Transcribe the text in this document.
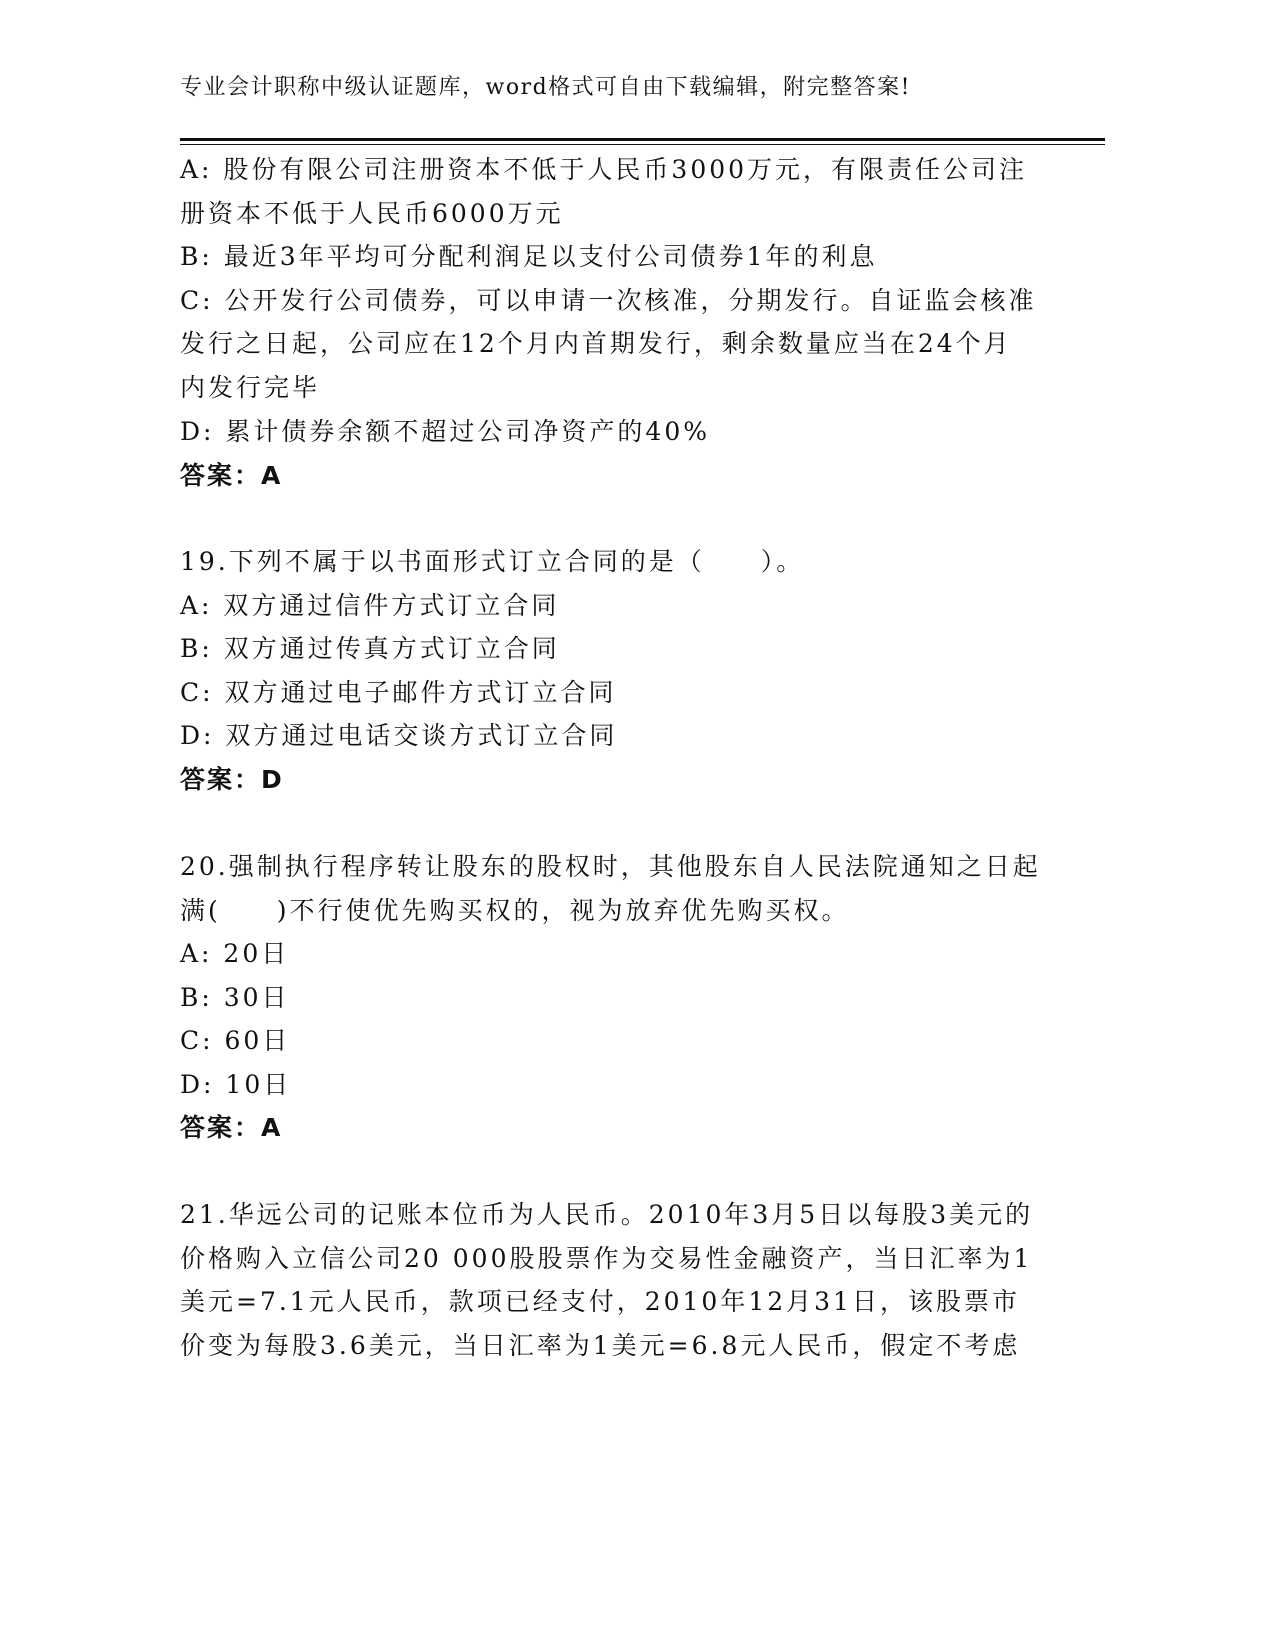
专业会计职称中级认证题库，word格式可自由下载编辑，附完整答案!
A: 股份有限公司注册资本不低于人民币3000万元，有限责任公司注
册资本不低于人民币6000万元
B: 最近3年平均可分配利润足以支付公司债券1年的利息
C: 公开发行公司债券，可以申请一次核准，分期发行。自证监会核准
发行之日起，公司应在12个月内首期发行，剩余数量应当在24个月
内发行完毕
D: 累计债券余额不超过公司净资产的40%
答案：A
19.下列不属于以书面形式订立合同的是（　　）。
A: 双方通过信件方式订立合同
B: 双方通过传真方式订立合同
C: 双方通过电子邮件方式订立合同
D: 双方通过电话交谈方式订立合同
答案：D
20.强制执行程序转让股东的股权时，其他股东自人民法院通知之日起
满(　　)不行使优先购买权的，视为放弃优先购买权。
A: 20日
B: 30日
C: 60日
D: 10日
答案：A
21.华远公司的记账本位币为人民币。2010年3月5日以每股3美元的
价格购入立信公司20 000股股票作为交易性金融资产，当日汇率为1
美元=7.1元人民币，款项已经支付，2010年12月31日，该股票市
价变为每股3.6美元，当日汇率为1美元=6.8元人民币，假定不考虑
